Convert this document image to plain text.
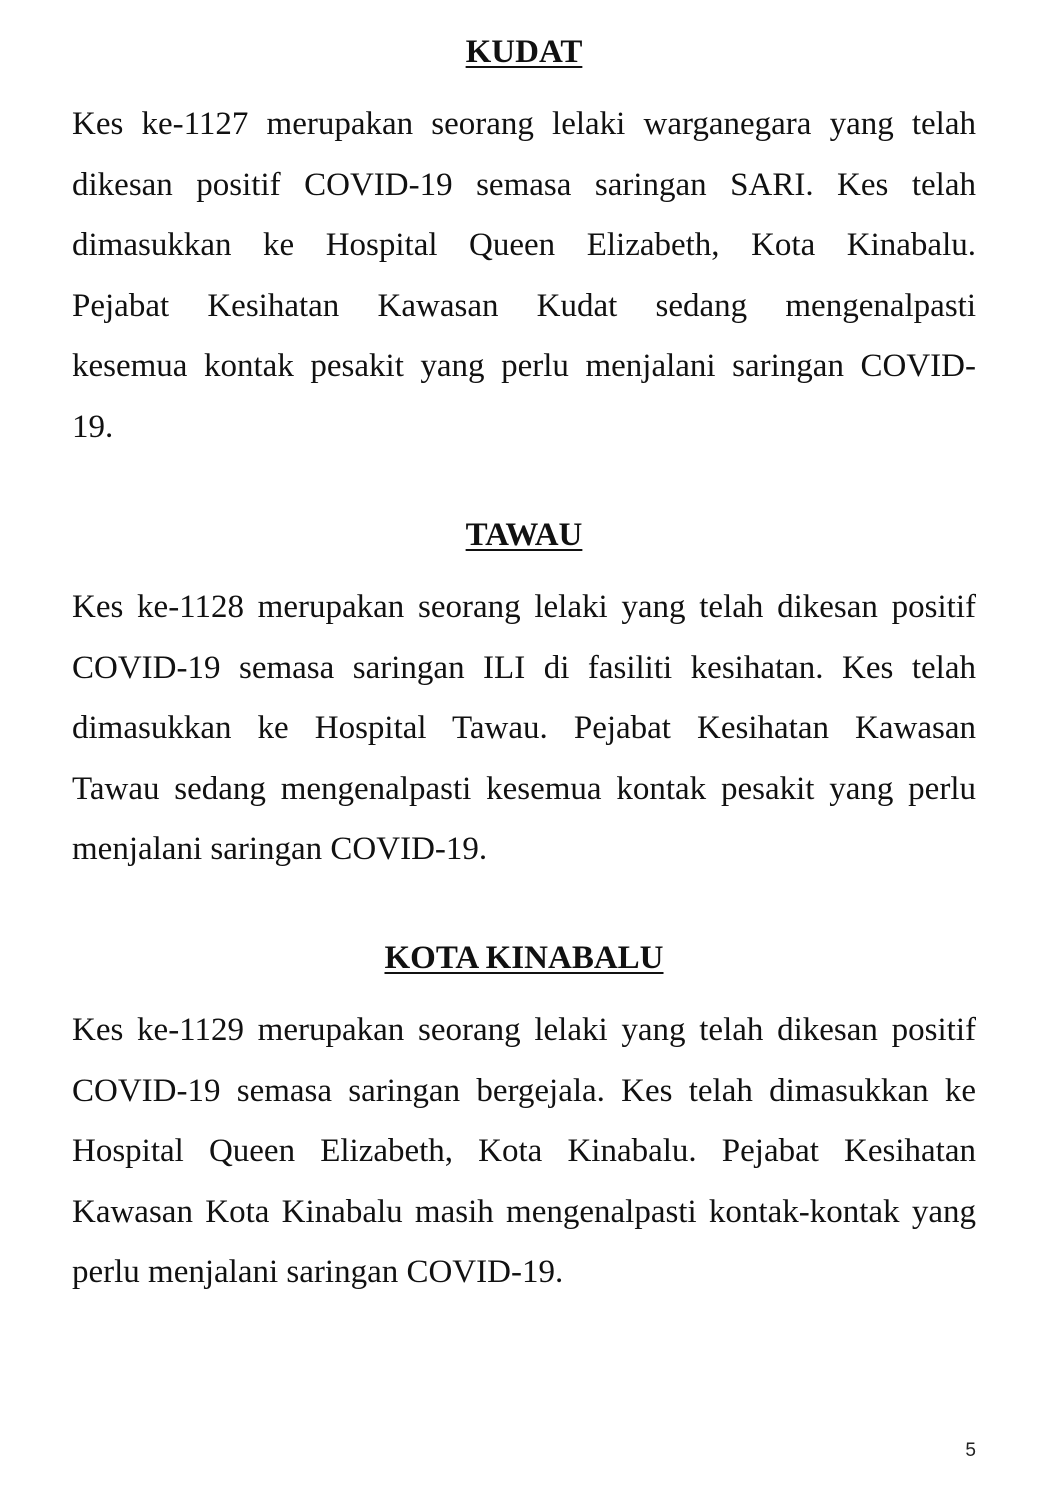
KUDAT

Kes ke-1127 merupakan seorang lelaki warganegara yang telah
dikesan positif COVID-19 semasa saringan SARI. Kes telah
dimasukkan ke Hospital Queen Elizabeth, Kota Kinabalu.
Pejabat Kesihatan Kawasan Kudat sedang mengenalpasti
kesemua kontak pesakit yang perlu menjalani saringan COVID-
19.

TAWAU

Kes ke-1128 merupakan seorang lelaki yang telah dikesan positif
COVID-19 semasa saringan ILI di fasiliti kesihatan. Kes telah
dimasukkan ke Hospital Tawau. Pejabat Kesihatan Kawasan
Tawau sedang mengenalpasti kesemua kontak pesakit yang perlu
menjalani saringan COVID-19.

KOTA KINABALU

Kes ke-1129 merupakan seorang lelaki yang telah dikesan positif
COVID-19 semasa saringan bergejala. Kes telah dimasukkan ke
Hospital Queen Elizabeth, Kota Kinabalu. Pejabat Kesihatan
Kawasan Kota Kinabalu masih mengenalpasti kontak-kontak yang
perlu menjalani saringan COVID-19.

5
